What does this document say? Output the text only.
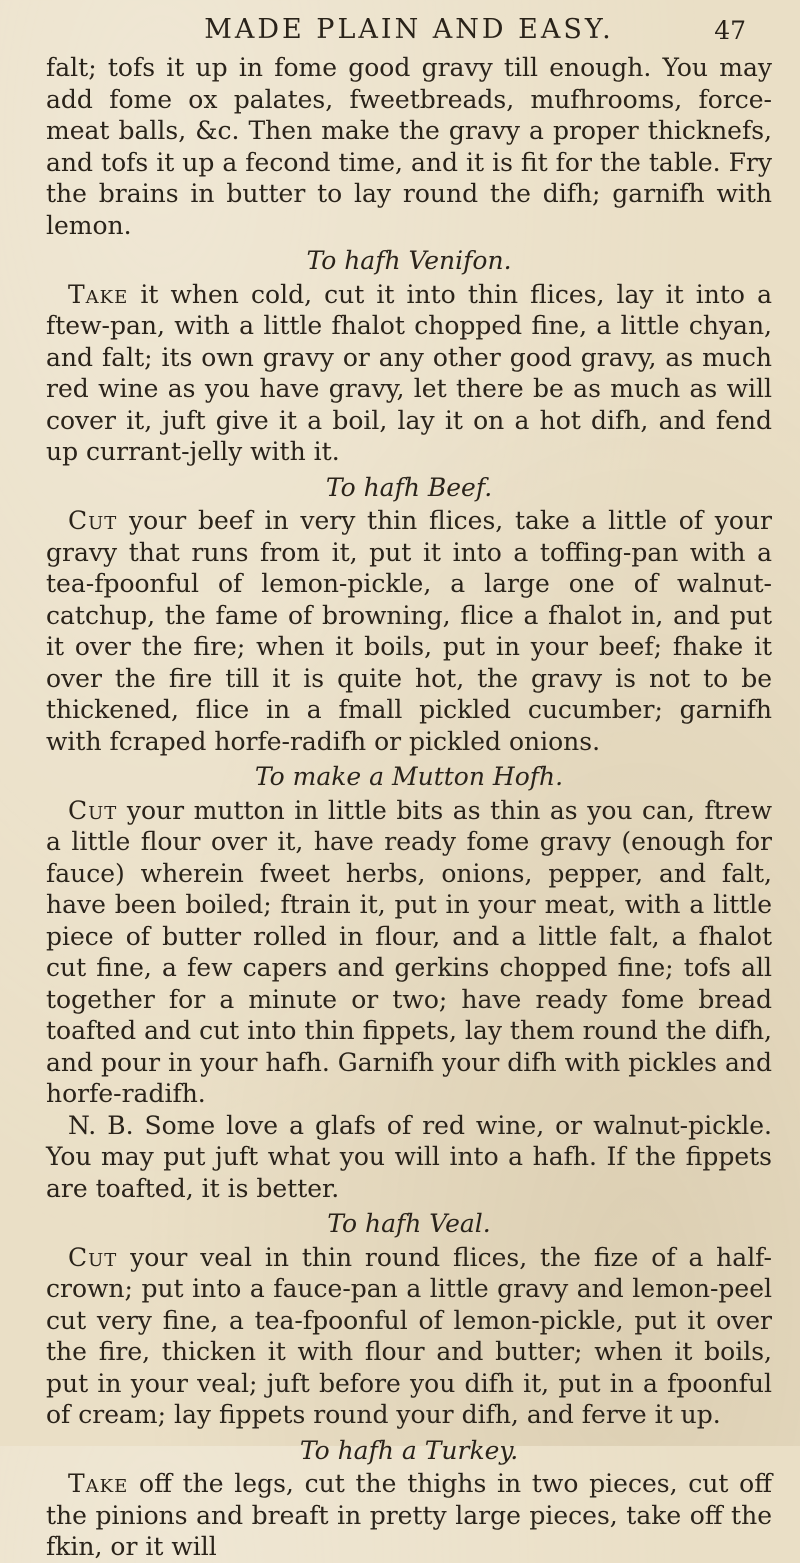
MADE PLAIN AND EASY.	47

falt; tofs it up in fome good gravy till enough. You may add fome ox palates, fweetbreads, mufhrooms, force-meat balls, &c. Then make the gravy a proper thicknefs, and tofs it up a fecond time, and it is fit for the table. Fry the brains in butter to lay round the difh; garnifh with lemon.

To hafh Venifon.

Take it when cold, cut it into thin flices, lay it into a ftew-pan, with a little fhalot chopped fine, a little chyan, and falt; its own gravy or any other good gravy, as much red wine as you have gravy, let there be as much as will cover it, juft give it a boil, lay it on a hot difh, and fend up currant-jelly with it.

To hafh Beef.

Cut your beef in very thin flices, take a little of your gravy that runs from it, put it into a toffing-pan with a tea-fpoonful of lemon-pickle, a large one of walnut-catchup, the fame of browning, flice a fhalot in, and put it over the fire; when it boils, put in your beef; fhake it over the fire till it is quite hot, the gravy is not to be thickened, flice in a fmall pickled cucumber; garnifh with fcraped horfe-radifh or pickled onions.

To make a Mutton Hofh.

Cut your mutton in little bits as thin as you can, ftrew a little flour over it, have ready fome gravy (enough for fauce) wherein fweet herbs, onions, pepper, and falt, have been boiled; ftrain it, put in your meat, with a little piece of butter rolled in flour, and a little falt, a fhalot cut fine, a few capers and gerkins chopped fine; tofs all together for a minute or two; have ready fome bread toafted and cut into thin fippets, lay them round the difh, and pour in your hafh. Garnifh your difh with pickles and horfe-radifh.

N. B. Some love a glafs of red wine, or walnut-pickle. You may put juft what you will into a hafh. If the fippets are toafted, it is better.

To hafh Veal.

Cut your veal in thin round flices, the fize of a half-crown; put into a fauce-pan a little gravy and lemon-peel cut very fine, a tea-fpoonful of lemon-pickle, put it over the fire, thicken it with flour and butter; when it boils, put in your veal; juft before you difh it, put in a fpoonful of cream; lay fippets round your difh, and ferve it up.

To hafh a Turkey.

Take off the legs, cut the thighs in two pieces, cut off the pinions and breaft in pretty large pieces, take off the fkin, or it will
